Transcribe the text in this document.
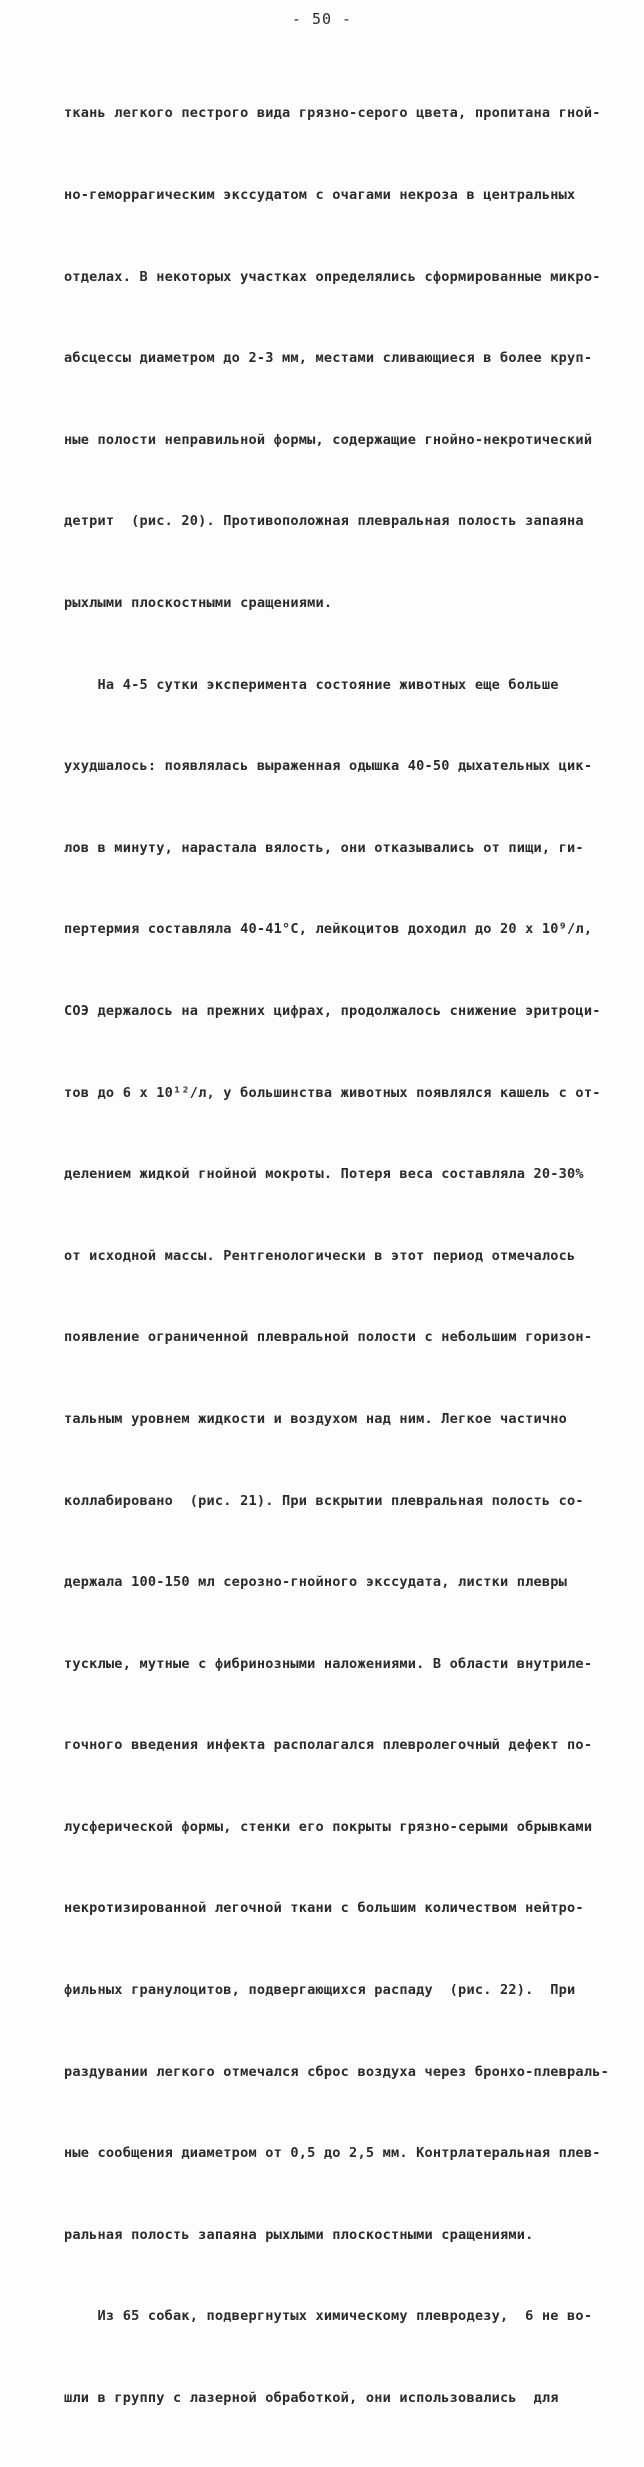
- 50 -

ткань легкого пестрого вида грязно-серого цвета, пропитана гной-

но-геморрагическим экссудатом с очагами некроза в центральных

отделах. В некоторых участках определялись сформированные микро-

абсцессы диаметром до 2-3 мм, местами сливающиеся в более круп-

ные полости неправильной формы, содержащие гнойно-некротический

детрит  (рис. 20). Противоположная плевральная полость запаяна

рыхлыми плоскостными сращениями.

На 4-5 сутки эксперимента состояние животных еще больше

ухудшалось: появлялась выраженная одышка 40-50 дыхательных цик-

лов в минуту, нарастала вялость, они отказывались от пищи, ги-

пертермия составляла 40-41°С, лейкоцитов доходил до 20 х 10⁹/л,

СОЭ держалось на прежних цифрах, продолжалось снижение эритроци-

тов до 6 х 10¹²/л, у большинства животных появлялся кашель с от-

делением жидкой гнойной мокроты. Потеря веса составляла 20-30%

от исходной массы. Рентгенологически в этот период отмечалось

появление ограниченной плевральной полости с небольшим горизон-

тальным уровнем жидкости и воздухом над ним. Легкое частично

коллабировано  (рис. 21). При вскрытии плевральная полость со-

держала 100-150 мл серозно-гнойного экссудата, листки плевры

тусклые, мутные с фибринозными наложениями. В области внутриле-

гочного введения инфекта располагался плевролегочный дефект по-

лусферической формы, стенки его покрыты грязно-серыми обрывками

некротизированной легочной ткани с большим количеством нейтро-

фильных гранулоцитов, подвергающихся распаду  (рис. 22).  При

раздувании легкого отмечался сброс воздуха через бронхо-плевраль-

ные сообщения диаметром от 0,5 до 2,5 мм. Контрлатеральная плев-

ральная полость запаяна рыхлыми плоскостными сращениями.

Из 65 собак, подвергнутых химическому плевродезу,  6 не во-

шли в группу с лазерной обработкой, они использовались  для
